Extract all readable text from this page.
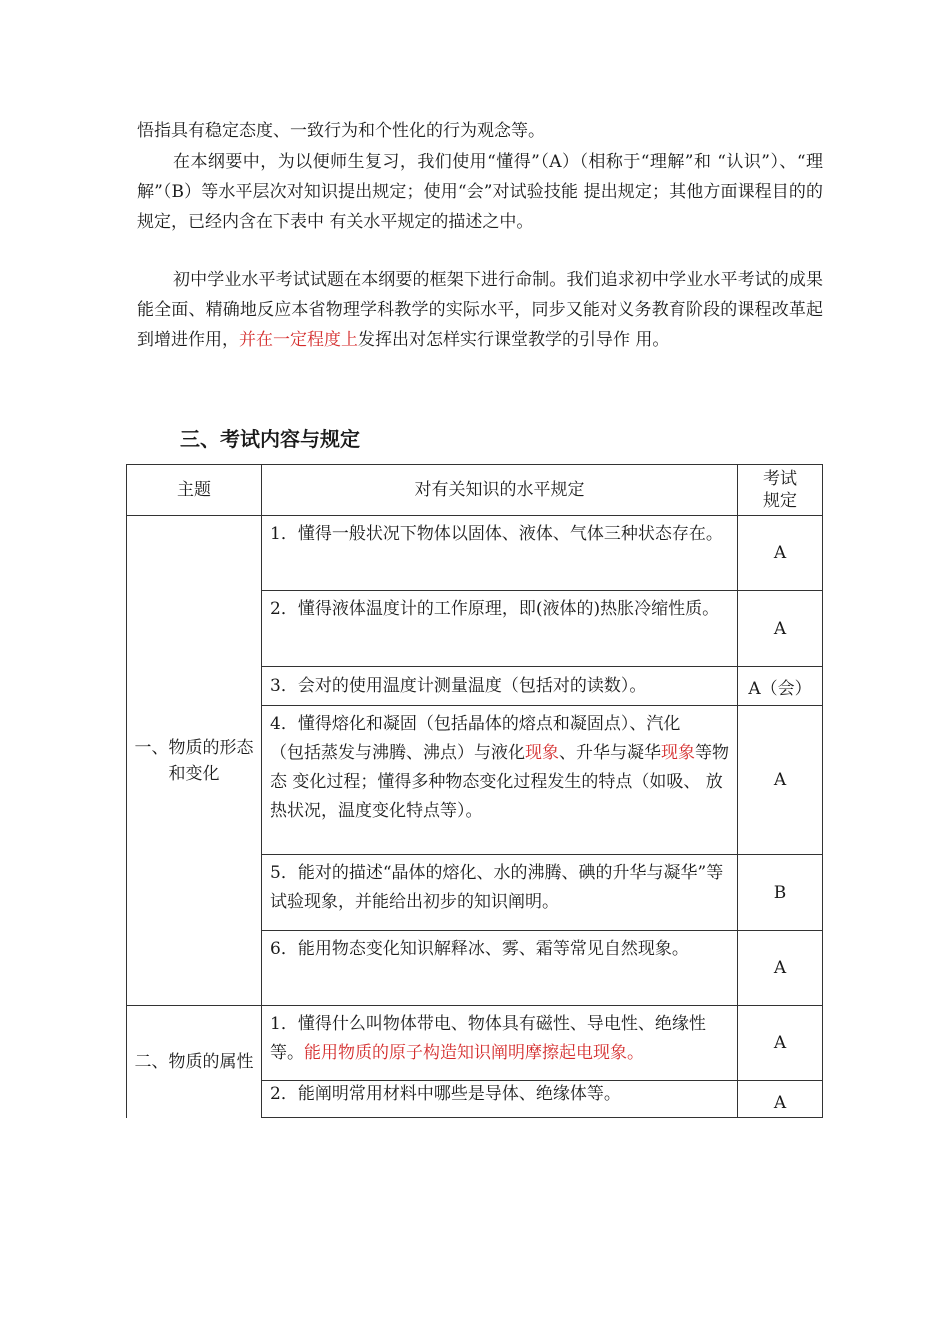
悟指具有稳定态度、一致行为和个性化的行为观念等。

在本纲要中，为以便师生复习，我们使用“懂得”（A）（相称于“理解”和 “认识”）、“理解”（B）等水平层次对知识提出规定；使用“会”对试验技能 提出规定；其他方面课程目的的规定，已经内含在下表中 有关水平规定的描述之中。

初中学业水平考试试题在本纲要的框架下进行命制。我们追求初中学业水平考试的成果能全面、精确地反应本省物理学科教学的实际水平，同步又能对义务教育阶段的课程改革起到增进作用，并在一定程度上发挥出对怎样实行课堂教学的引导作 用。

三、考试内容与规定
主题	对有关知识的水平规定	考试
规定
一、物质的形态和变化	1．懂得一般状况下物体以固体、液体、气体三种状态存在。	A
	2．懂得液体温度计的工作原理，即(液体的)热胀冷缩性质。	A
	3．会对的使用温度计测量温度（包括对的读数）。	A（会）
	4．懂得熔化和凝固（包括晶体的熔点和凝固点）、汽化
（包括蒸发与沸腾、沸点）与液化现象、升华与凝华现象等物态 变化过程；懂得多种物态变化过程发生的特点（如吸、 放热状况，温度变化特点等）。	A
	5．能对的描述“晶体的熔化、水的沸腾、碘的升华与凝华”等试验现象，并能给出初步的知识阐明。	B
	6．能用物态变化知识解释冰、雾、霜等常见自然现象。	A
二、物质的属性	1．懂得什么叫物体带电、物体具有磁性、导电性、绝缘性等。能用物质的原子构造知识阐明摩擦起电现象。	A
	2．能阐明常用材料中哪些是导体、绝缘体等。	A
